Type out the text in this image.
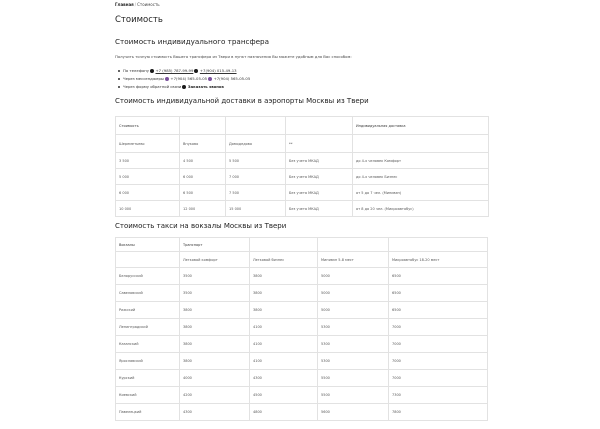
Главная/Стоимость
Стоимость
Стоимость индивидуального трансфера

Получить точную стоимость Вашего трансфера из Твери в пункт назначения Вы можете удобным для Вас способом:

По телефону +7 (985) 787-99-99 +7(904) 015-49-13
Через мессенджеры +7(904) 565-05-05 +7(904) 565-05-05
Через форму обратной связи Заказать звонок
Стоимость индивидуальной доставки в аэропорты Москвы из Твери
Стоимость				Индивидуальная доставка
Шереметьево	Внуково	Домодедово	**	
3 500	4 500	5 500	Без учета МКАД	до 4-х человек Комфорт
5 000	6 000	7 000	Без учета МКАД	до 4-х человек Бизнес
6 000	6 500	7 500	Без учета МКАД	от 5 до 7 чел. (Минивэн)
10 000	12 000	15 000	Без учета МКАД	от 8 до 20 чел. (Микроавтобус)
Стоимость такси на вокзалы Москвы из Твери
Вокзалы	Транспорт			
	Легковой комфорт	Легковой бизнес	Минивэн 5-8 мест	Микроавтобус 18-20 мест
Белорусский	3500	3800	5000	6500
Савеловский	3500	3800	5000	6500
Рижский	3800	3800	5000	6500
Ленинградский	3800	4100	5300	7000
Казанский	3800	4100	5300	7000
Ярославский	3800	4100	5300	7000
Курский	4000	4300	5500	7000
Киевский	4200	4500	5500	7300
Павелецкий	4300	4800	5600	7800
